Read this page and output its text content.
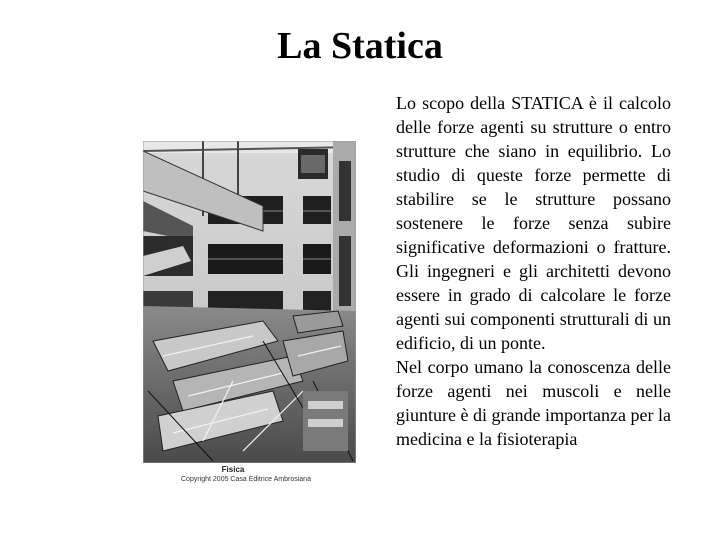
La Statica
Fisica
Copyright 2005 Casa Editrice Ambrosiana

Lo scopo della STATICA è il calcolo delle forze agenti su strutture o entro strutture che siano in equilibrio. Lo studio di queste forze permette di stabilire se le strutture possano sostenere le forze senza subire significative deformazioni o fratture. Gli ingegneri e gli architetti devono essere in grado di calcolare le forze agenti sui componenti strutturali di un edificio, di un ponte.

Nel corpo umano la conoscenza delle forze agenti nei muscoli e nelle giunture è di grande importanza per la medicina e la fisioterapia
